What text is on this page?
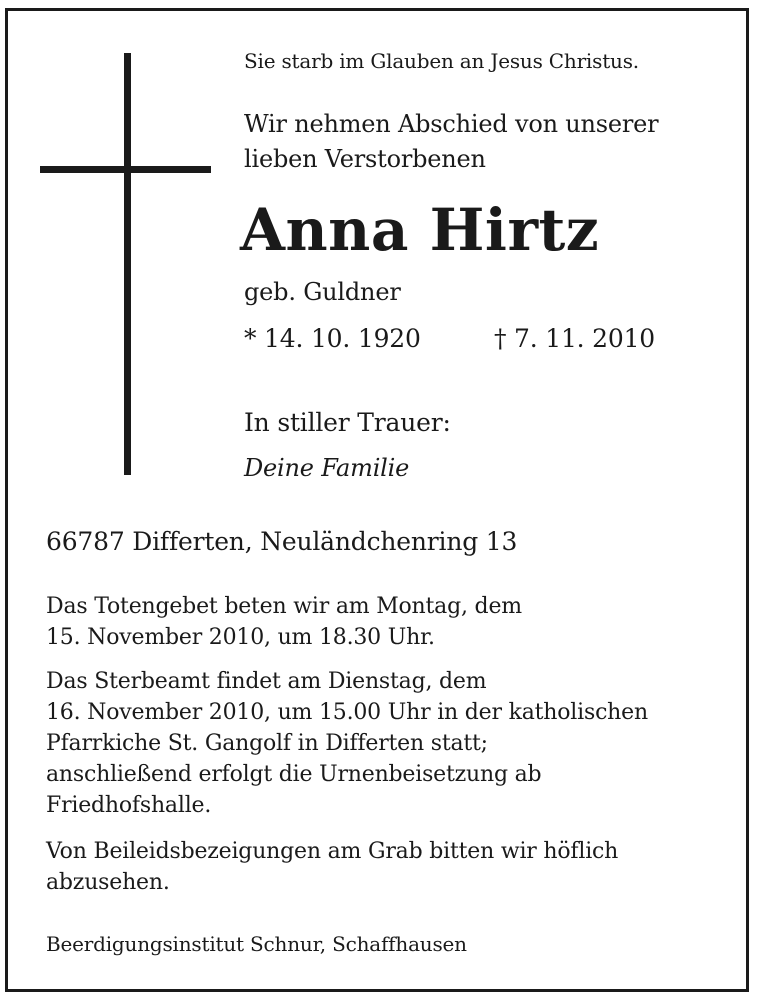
Sie starb im Glauben an Jesus Christus.

Wir nehmen Abschied von unserer
lieben Verstorbenen

Anna Hirtz

geb. Guldner

* 14. 10. 1920	† 7. 11. 2010

In stiller Trauer:

Deine Familie

66787 Differten, Neuländchenring 13

Das Totengebet beten wir am Montag, dem
15. November 2010, um 18.30 Uhr.

Das Sterbeamt findet am Dienstag, dem
16. November 2010, um 15.00 Uhr in der katholischen
Pfarrkiche St. Gangolf in Differten statt;
anschließend erfolgt die Urnenbeisetzung ab
Friedhofshalle.

Von Beileidsbezeigungen am Grab bitten wir höflich
abzusehen.

Beerdigungsinstitut Schnur, Schaffhausen
